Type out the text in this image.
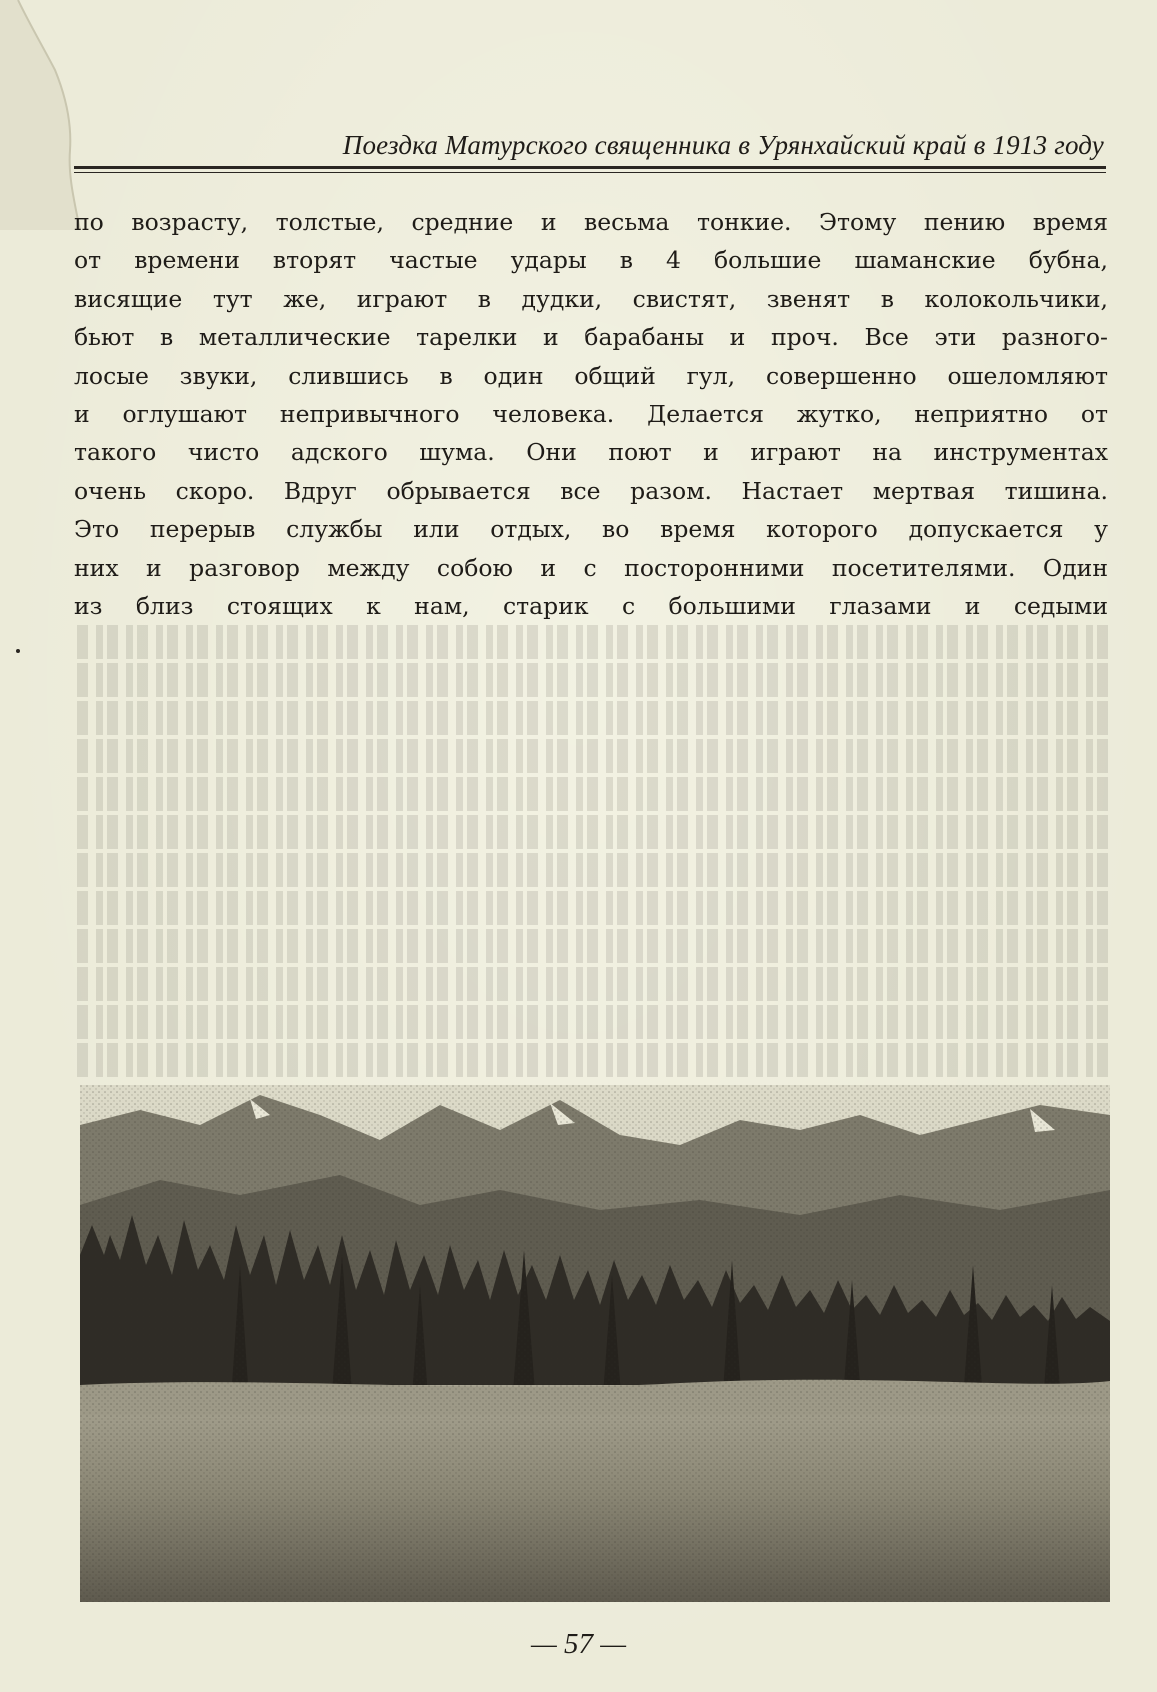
Поездка Матурского священника в Урянхайский край в 1913 году

по возрасту, толстые, средние и весьма тонкие. Этому пению время
от времени вторят частые удары в 4 большие шаманские бубна,
висящие тут же, играют в дудки, свистят, звенят в колокольчики,
бьют в металлические тарелки и барабаны и проч. Все эти разного-
лосые звуки, слившись в один общий гул, совершенно ошеломляют
и оглушают непривычного человека. Делается жутко, неприятно от
такого чисто адского шума. Они поют и играют на инструментах
очень скоро. Вдруг обрывается все разом. Настает мертвая тишина.
Это перерыв службы или отдых, во время которого допускается у
них и разговор между собою и с посторонними посетителями. Один
из близ стоящих к нам, старик с большими глазами и седыми
— 57 —
